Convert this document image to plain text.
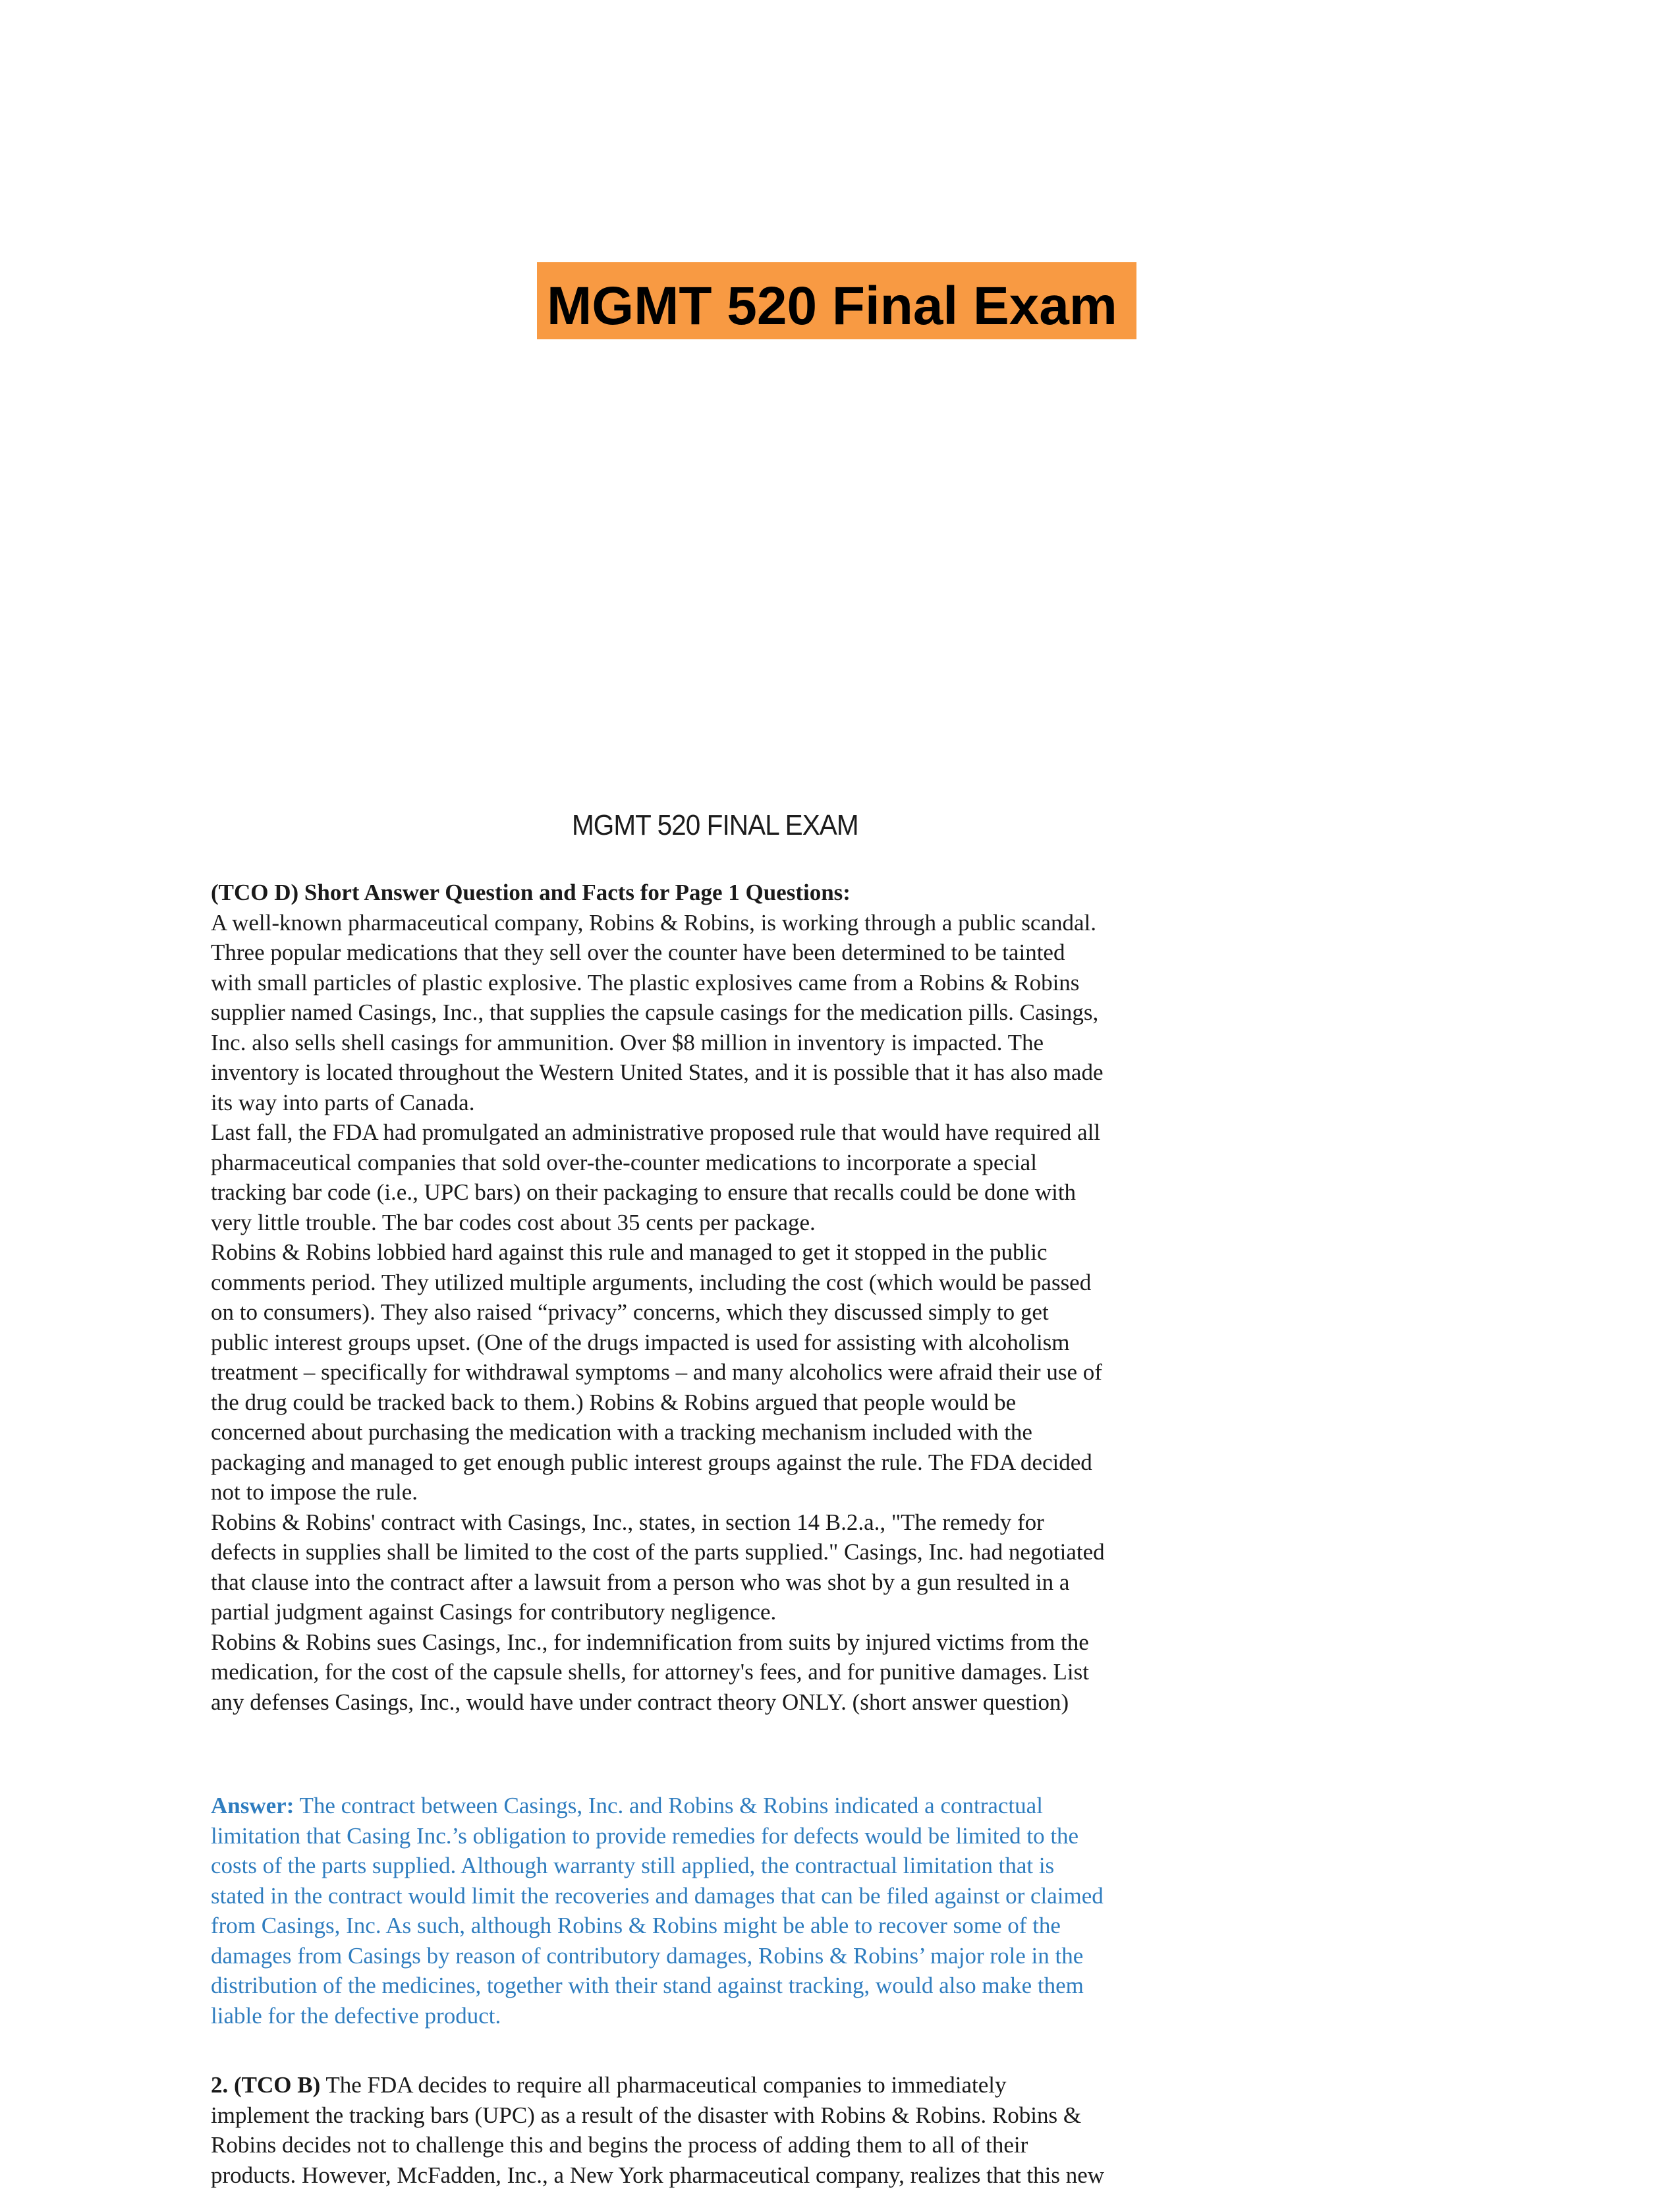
MGMT 520 Final Exam
MGMT 520 FINAL EXAM
(TCO D) Short Answer Question and Facts for Page 1 Questions:
A well-known pharmaceutical company, Robins & Robins, is working through a public scandal.
Three popular medications that they sell over the counter have been determined to be tainted
with small particles of plastic explosive. The plastic explosives came from a Robins & Robins
supplier named Casings, Inc., that supplies the capsule casings for the medication pills. Casings,
Inc. also sells shell casings for ammunition. Over $8 million in inventory is impacted. The
inventory is located throughout the Western United States, and it is possible that it has also made
its way into parts of Canada.
Last fall, the FDA had promulgated an administrative proposed rule that would have required all
pharmaceutical companies that sold over-the-counter medications to incorporate a special
tracking bar code (i.e., UPC bars) on their packaging to ensure that recalls could be done with
very little trouble. The bar codes cost about 35 cents per package.
Robins & Robins lobbied hard against this rule and managed to get it stopped in the public
comments period. They utilized multiple arguments, including the cost (which would be passed
on to consumers). They also raised “privacy” concerns, which they discussed simply to get
public interest groups upset. (One of the drugs impacted is used for assisting with alcoholism
treatment – specifically for withdrawal symptoms – and many alcoholics were afraid their use of
the drug could be tracked back to them.) Robins & Robins argued that people would be
concerned about purchasing the medication with a tracking mechanism included with the
packaging and managed to get enough public interest groups against the rule. The FDA decided
not to impose the rule.
Robins & Robins' contract with Casings, Inc., states, in section 14 B.2.a., "The remedy for
defects in supplies shall be limited to the cost of the parts supplied." Casings, Inc. had negotiated
that clause into the contract after a lawsuit from a person who was shot by a gun resulted in a
partial judgment against Casings for contributory negligence.
Robins & Robins sues Casings, Inc., for indemnification from suits by injured victims from the
medication, for the cost of the capsule shells, for attorney's fees, and for punitive damages. List
any defenses Casings, Inc., would have under contract theory ONLY. (short answer question)
Answer: The contract between Casings, Inc. and Robins & Robins indicated a contractual
limitation that Casing Inc.’s obligation to provide remedies for defects would be limited to the
costs of the parts supplied. Although warranty still applied, the contractual limitation that is
stated in the contract would limit the recoveries and damages that can be filed against or claimed
from Casings, Inc. As such, although Robins & Robins might be able to recover some of the
damages from Casings by reason of contributory damages, Robins & Robins’ major role in the
distribution of the medicines, together with their stand against tracking, would also make them
liable for the defective product.
2. (TCO B) The FDA decides to require all pharmaceutical companies to immediately
implement the tracking bars (UPC) as a result of the disaster with Robins & Robins. Robins &
Robins decides not to challenge this and begins the process of adding them to all of their
products. However, McFadden, Inc., a New York pharmaceutical company, realizes that this new
